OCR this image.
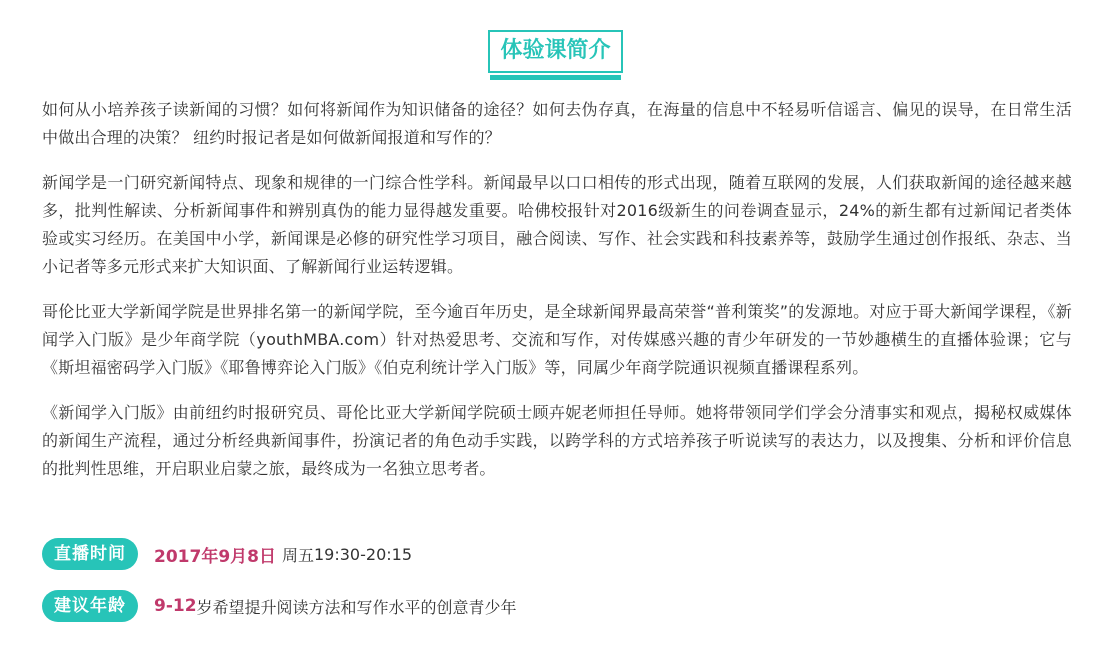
体验课简介

如何从小培养孩子读新闻的习惯？如何将新闻作为知识储备的途径？如何去伪存真，在海量的信息中不轻易听信谣言、偏见的误导，在日常生活中做出合理的决策？ 纽约时报记者是如何做新闻报道和写作的？

新闻学是一门研究新闻特点、现象和规律的一门综合性学科。新闻最早以口口相传的形式出现，随着互联网的发展，人们获取新闻的途径越来越多，批判性解读、分析新闻事件和辨别真伪的能力显得越发重要。哈佛校报针对2016级新生的问卷调查显示，24%的新生都有过新闻记者类体验或实习经历。在美国中小学，新闻课是必修的研究性学习项目，融合阅读、写作、社会实践和科技素养等，鼓励学生通过创作报纸、杂志、当小记者等多元形式来扩大知识面、了解新闻行业运转逻辑。

哥伦比亚大学新闻学院是世界排名第一的新闻学院，至今逾百年历史，是全球新闻界最高荣誉“普利策奖”的发源地。对应于哥大新闻学课程，《新闻学入门版》是少年商学院（youthMBA.com）针对热爱思考、交流和写作，对传媒感兴趣的青少年研发的一节妙趣横生的直播体验课；它与《斯坦福密码学入门版》《耶鲁博弈论入门版》《伯克利统计学入门版》等，同属少年商学院通识视频直播课程系列。

《新闻学入门版》由前纽约时报研究员、哥伦比亚大学新闻学院硕士顾卉妮老师担任导师。她将带领同学们学会分清事实和观点，揭秘权威媒体的新闻生产流程，通过分析经典新闻事件，扮演记者的角色动手实践，以跨学科的方式培养孩子听说读写的表达力，以及搜集、分析和评价信息的批判性思维，开启职业启蒙之旅，最终成为一名独立思考者。

直播时间	2017年9月8日 周五 19:30-20:15
建议年龄	9-12 岁希望提升阅读方法和写作水平的创意青少年
